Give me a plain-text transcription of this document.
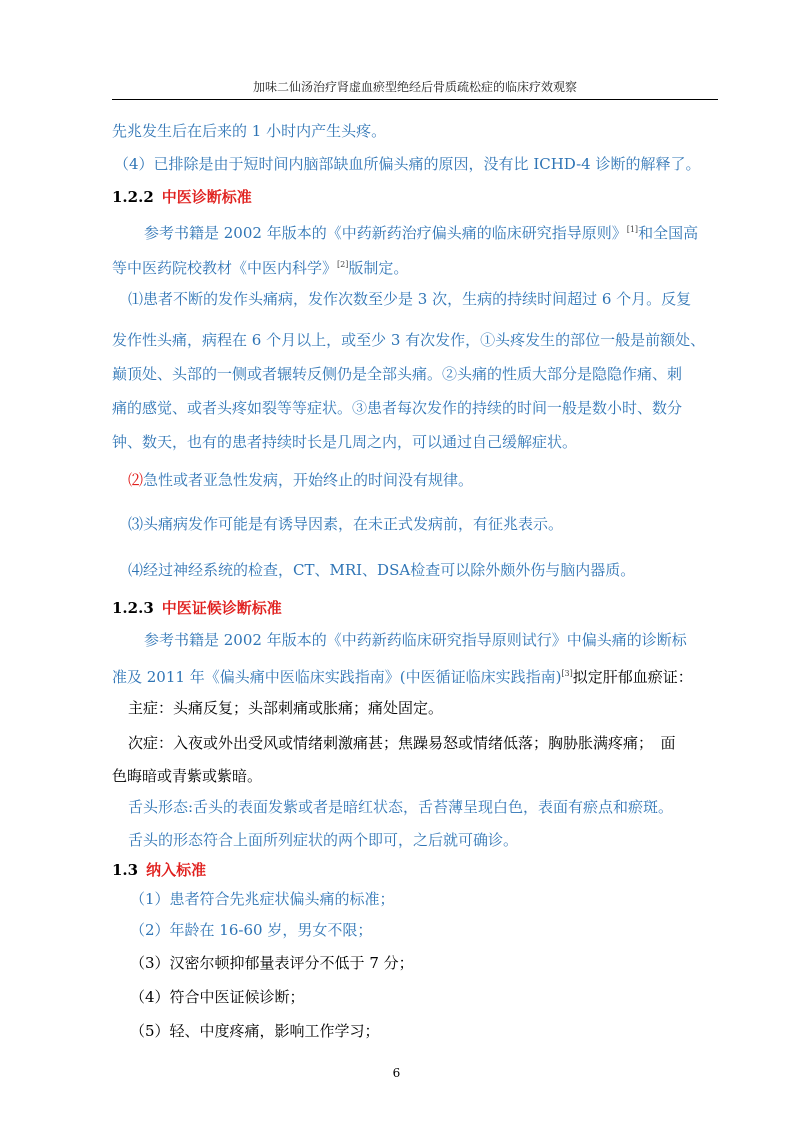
加味二仙汤治疗肾虚血瘀型绝经后骨质疏松症的临床疗效观察
先兆发生后在后来的 1 小时内产生头疼。
（4）已排除是由于短时间内脑部缺血所偏头痛的原因，没有比 ICHD-4 诊断的解释了。
1.2.2 中医诊断标准
参考书籍是 2002 年版本的《中药新药治疗偏头痛的临床研究指导原则》[1]和全国高
等中医药院校教材《中医内科学》[2]版制定。
⑴患者不断的发作头痛病，发作次数至少是 3 次，生病的持续时间超过 6 个月。反复
发作性头痛，病程在 6 个月以上，或至少 3 有次发作，①头疼发生的部位一般是前额处、
巅顶处、头部的一侧或者辗转反侧仍是全部头痛。②头痛的性质大部分是隐隐作痛、刺
痛的感觉、或者头疼如裂等等症状。③患者每次发作的持续的时间一般是数小时、数分
钟、数天，也有的患者持续时长是几周之内，可以通过自己缓解症状。
⑵急性或者亚急性发病，开始终止的时间没有规律。
⑶头痛病发作可能是有诱导因素，在未正式发病前，有征兆表示。
⑷经过神经系统的检查，CT、MRI、DSA检查可以除外颇外伤与脑内器质。
1.2.3 中医证候诊断标准
参考书籍是 2002 年版本的《中药新药临床研究指导原则试行》中偏头痛的诊断标
准及 2011 年《偏头痛中医临床实践指南》(中医循证临床实践指南)[3]拟定肝郁血瘀证：
主症：头痛反复；头部刺痛或胀痛；痛处固定。
次症：入夜或外出受风或情绪刺激痛甚；焦躁易怒或情绪低落；胸胁胀满疼痛；　面
色晦暗或青紫或紫暗。
舌头形态:舌头的表面发紫或者是暗红状态，舌苔薄呈现白色，表面有瘀点和瘀斑。
舌头的形态符合上面所列症状的两个即可，之后就可确诊。
1.3 纳入标准
（1）患者符合先兆症状偏头痛的标准；
（2）年龄在 16-60 岁，男女不限；
（3）汉密尔顿抑郁量表评分不低于 7 分；
（4）符合中医证候诊断；
（5）轻、中度疼痛，影响工作学习；
6
